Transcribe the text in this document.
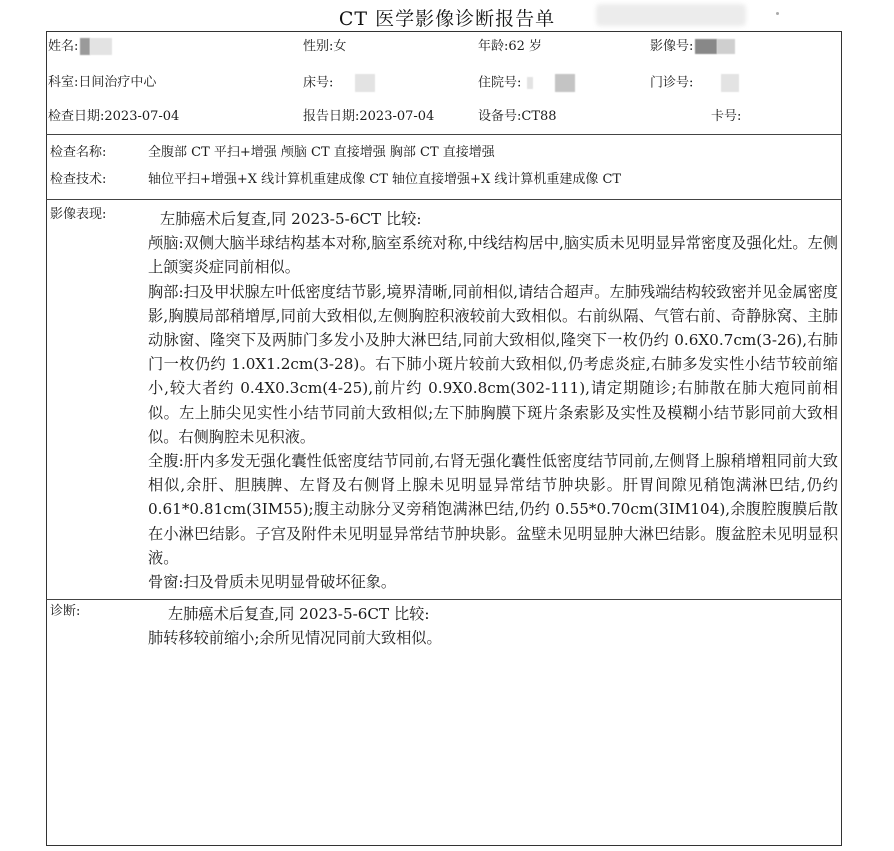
CT 医学影像诊断报告单
姓名:	性别:女	年龄:62 岁	影像号:
科室:日间治疗中心	床号:	住院号:	门诊号:
检查日期:2023-07-04	报告日期:2023-07-04	设备号:CT88	卡号:
检查名称:	全腹部 CT 平扫+增强 颅脑 CT 直接增强 胸部 CT 直接增强
检查技术:	轴位平扫+增强+X 线计算机重建成像 CT 轴位直接增强+X 线计算机重建成像 CT
影像表现:	左肺癌术后复查,同 2023-5-6CT 比较:

颅脑:双侧大脑半球结构基本对称,脑室系统对称,中线结构居中,脑实质未见明显异常密度及强化灶。左侧上颌窦炎症同前相似。

胸部:扫及甲状腺左叶低密度结节影,境界清晰,同前相似,请结合超声。左肺残端结构较致密并见金属密度影,胸膜局部稍增厚,同前大致相似,左侧胸腔积液较前大致相似。右前纵隔、气管右前、奇静脉窝、主肺动脉窗、隆突下及两肺门多发小及肿大淋巴结,同前大致相似,隆突下一枚仍约 0.6X0.7cm(3-26),右肺门一枚仍约 1.0X1.2cm(3-28)。右下肺小斑片较前大致相似,仍考虑炎症,右肺多发实性小结节较前缩小,较大者约 0.4X0.3cm(4-25),前片约 0.9X0.8cm(302-111),请定期随诊;右肺散在肺大疱同前相似。左上肺尖见实性小结节同前大致相似;左下肺胸膜下斑片条索影及实性及模糊小结节影同前大致相似。右侧胸腔未见积液。

全腹:肝内多发无强化囊性低密度结节同前,右肾无强化囊性低密度结节同前,左侧肾上腺稍增粗同前大致相似,余肝、胆胰脾、左肾及右侧肾上腺未见明显异常结节肿块影。肝胃间隙见稍饱满淋巴结,仍约 0.61*0.81cm(3IM55);腹主动脉分叉旁稍饱满淋巴结,仍约 0.55*0.70cm(3IM104),余腹腔腹膜后散在小淋巴结影。子宫及附件未见明显异常结节肿块影。盆壁未见明显肿大淋巴结影。腹盆腔未见明显积液。

骨窗:扫及骨质未见明显骨破坏征象。

诊断:	左肺癌术后复查,同 2023-5-6CT 比较:

肺转移较前缩小;余所见情况同前大致相似。
